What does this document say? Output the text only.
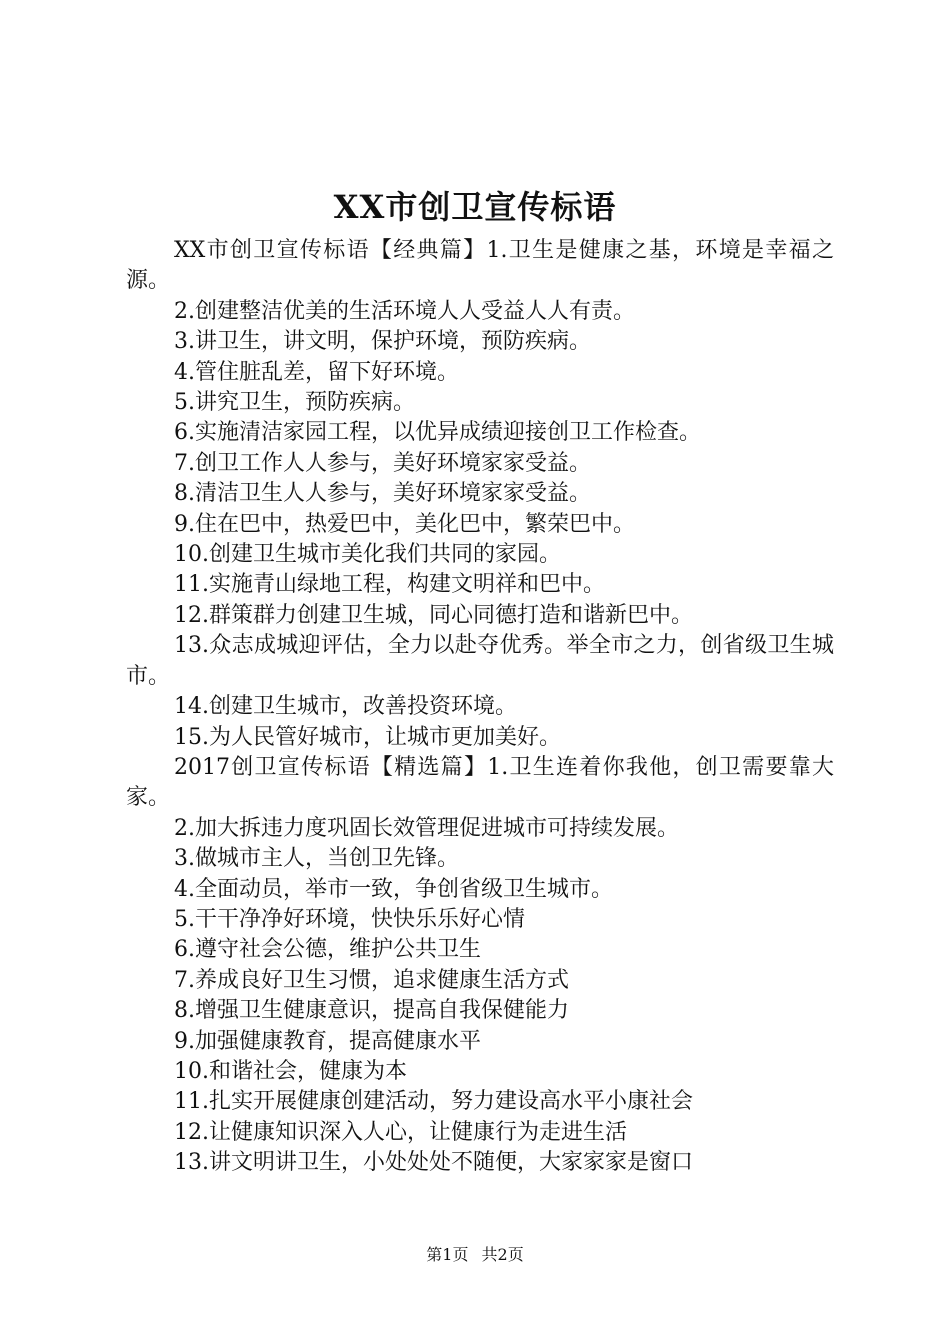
XX市创卫宣传标语

XX市创卫宣传标语【经典篇】1.卫生是健康之基，环境是幸福之源。

2.创建整洁优美的生活环境人人受益人人有责。

3.讲卫生，讲文明，保护环境，预防疾病。

4.管住脏乱差，留下好环境。

5.讲究卫生，预防疾病。

6.实施清洁家园工程，以优异成绩迎接创卫工作检查。

7.创卫工作人人参与，美好环境家家受益。

8.清洁卫生人人参与，美好环境家家受益。

9.住在巴中，热爱巴中，美化巴中，繁荣巴中。

10.创建卫生城市美化我们共同的家园。

11.实施青山绿地工程，构建文明祥和巴中。

12.群策群力创建卫生城，同心同德打造和谐新巴中。

13.众志成城迎评估，全力以赴夺优秀。举全市之力，创省级卫生城市。

14.创建卫生城市，改善投资环境。

15.为人民管好城市，让城市更加美好。

2017创卫宣传标语【精选篇】1.卫生连着你我他，创卫需要靠大家。

2.加大拆违力度巩固长效管理促进城市可持续发展。

3.做城市主人，当创卫先锋。

4.全面动员，举市一致，争创省级卫生城市。

5.干干净净好环境，快快乐乐好心情

6.遵守社会公德，维护公共卫生

7.养成良好卫生习惯，追求健康生活方式

8.增强卫生健康意识，提高自我保健能力

9.加强健康教育，提高健康水平

10.和谐社会，健康为本

11.扎实开展健康创建活动，努力建设高水平小康社会

12.让健康知识深入人心，让健康行为走进生活

13.讲文明讲卫生，小处处处不随便，大家家家是窗口

第1页 共2页
